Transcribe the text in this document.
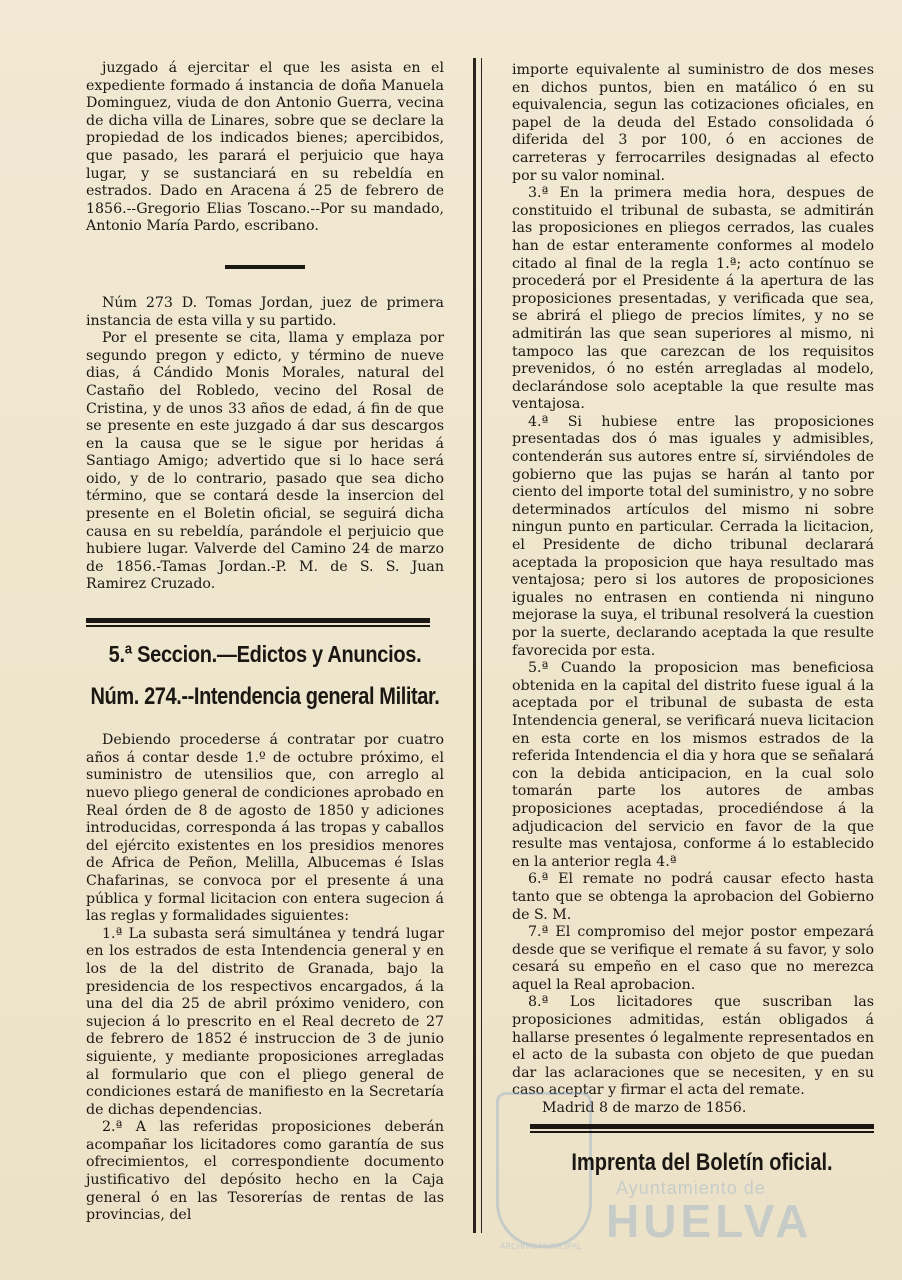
juzgado á ejercitar el que les asista en el expediente formado á instancia de doña Manuela Dominguez, viuda de don Antonio Guerra, vecina de dicha villa de Linares, sobre que se declare la propiedad de los indicados bienes; apercibidos, que pasado, les parará el perjuicio que haya lugar, y se sustanciará en su rebeldía en estrados. Dado en Aracena á 25 de febrero de 1856.--Gregorio Elias Toscano.--Por su mandado, Antonio María Pardo, escribano.

Núm 273 D. Tomas Jordan, juez de primera instancia de esta villa y su partido.

Por el presente se cita, llama y emplaza por segundo pregon y edicto, y término de nueve dias, á Cándido Monis Morales, natural del Castaño del Robledo, vecino del Rosal de Cristina, y de unos 33 años de edad, á fin de que se presente en este juzgado á dar sus descargos en la causa que se le sigue por heridas á Santiago Amigo; advertido que si lo hace será oido, y de lo contrario, pasado que sea dicho término, que se contará desde la insercion del presente en el Boletin oficial, se seguirá dicha causa en su rebeldía, parándole el perjuicio que hubiere lugar. Valverde del Camino 24 de marzo de 1856.-Tamas Jordan.-P. M. de S. S. Juan Ramirez Cruzado.

5.ª Seccion.—Edictos y Anuncios.
Núm. 274.--Intendencia general Militar.

Debiendo procederse á contratar por cuatro años á contar desde 1.º de octubre próximo, el suministro de utensilios que, con arreglo al nuevo pliego general de condiciones aprobado en Real órden de 8 de agosto de 1850 y adiciones introducidas, corresponda á las tropas y caballos del ejército existentes en los presidios menores de Africa de Peñon, Melilla, Albucemas é Islas Chafarinas, se convoca por el presente á una pública y formal licitacion con entera sugecion á las reglas y formalidades siguientes:

1.ª La subasta será simultánea y tendrá lugar en los estrados de esta Intendencia general y en los de la del distrito de Granada, bajo la presidencia de los respectivos encargados, á la una del dia 25 de abril próximo venidero, con sujecion á lo prescrito en el Real decreto de 27 de febrero de 1852 é instruccion de 3 de junio siguiente, y mediante proposiciones arregladas al formulario que con el pliego general de condiciones estará de manifiesto en la Secretaría de dichas dependencias.

2.ª A las referidas proposiciones deberán acompañar los licitadores como garantía de sus ofrecimientos, el correspondiente documento justificativo del depósito hecho en la Caja general ó en las Tesorerías de rentas de las provincias, del

importe equivalente al suministro de dos meses en dichos puntos, bien en matálico ó en su equivalencia, segun las cotizaciones oficiales, en papel de la deuda del Estado consolidada ó diferida del 3 por 100, ó en acciones de carreteras y ferrocarriles designadas al efecto por su valor nominal.

3.ª En la primera media hora, despues de constituido el tribunal de subasta, se admitirán las proposiciones en pliegos cerrados, las cuales han de estar enteramente conformes al modelo citado al final de la regla 1.ª; acto contínuo se procederá por el Presidente á la apertura de las proposiciones presentadas, y verificada que sea, se abrirá el pliego de precios límites, y no se admitirán las que sean superiores al mismo, ni tampoco las que carezcan de los requisitos prevenidos, ó no estén arregladas al modelo, declarándose solo aceptable la que resulte mas ventajosa.

4.ª Si hubiese entre las proposiciones presentadas dos ó mas iguales y admisibles, contenderán sus autores entre sí, sirviéndoles de gobierno que las pujas se harán al tanto por ciento del importe total del suministro, y no sobre determinados artículos del mismo ni sobre ningun punto en particular. Cerrada la licitacion, el Presidente de dicho tribunal declarará aceptada la proposicion que haya resultado mas ventajosa; pero si los autores de proposiciones iguales no entrasen en contienda ni ninguno mejorase la suya, el tribunal resolverá la cuestion por la suerte, declarando aceptada la que resulte favorecida por esta.

5.ª Cuando la proposicion mas beneficiosa obtenida en la capital del distrito fuese igual á la aceptada por el tribunal de subasta de esta Intendencia general, se verificará nueva licitacion en esta corte en los mismos estrados de la referida Intendencia el dia y hora que se señalará con la debida anticipacion, en la cual solo tomarán parte los autores de ambas proposiciones aceptadas, procediéndose á la adjudicacion del servicio en favor de la que resulte mas ventajosa, conforme á lo establecido en la anterior regla 4.ª

6.ª El remate no podrá causar efecto hasta tanto que se obtenga la aprobacion del Gobierno de S. M.

7.ª El compromiso del mejor postor empezará desde que se verifique el remate á su favor, y solo cesará su empeño en el caso que no merezca aquel la Real aprobacion.

8.ª Los licitadores que suscriban las proposiciones admitidas, están obligados á hallarse presentes ó legalmente representados en el acto de la subasta con objeto de que puedan dar las aclaraciones que se necesiten, y en su caso aceptar y firmar el acta del remate.

Madrid 8 de marzo de 1856.

Ayuntamiento de
HUELVA
ARCHIVO MUNICIPAL
Imprenta del Boletín oficial.
